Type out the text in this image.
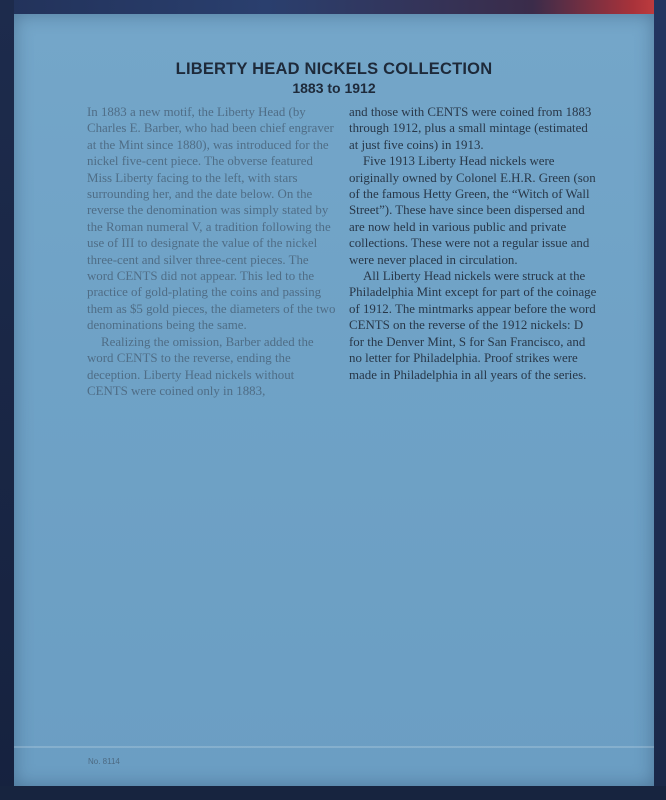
LIBERTY HEAD NICKELS COLLECTION
1883 to 1912

In 1883 a new motif, the Liberty Head (by Charles E. Barber, who had been chief engraver at the Mint since 1880), was introduced for the nickel five-cent piece. The obverse featured Miss Liberty facing to the left, with stars surrounding her, and the date below. On the reverse the denomination was simply stated by the Roman numeral V, a tradition following the use of III to designate the value of the nickel three-cent and silver three-cent pieces. The word CENTS did not appear. This led to the practice of gold-plating the coins and passing them as $5 gold pieces, the diameters of the two denominations being the same.

Realizing the omission, Barber added the word CENTS to the reverse, ending the deception. Liberty Head nickels without CENTS were coined only in 1883,

and those with CENTS were coined from 1883 through 1912, plus a small mintage (estimated at just five coins) in 1913.

Five 1913 Liberty Head nickels were originally owned by Colonel E.H.R. Green (son of the famous Hetty Green, the “Witch of Wall Street”). These have since been dispersed and are now held in various public and private collections. These were not a regular issue and were never placed in circulation.

All Liberty Head nickels were struck at the Philadelphia Mint except for part of the coinage of 1912. The mintmarks appear before the word CENTS on the reverse of the 1912 nickels: D for the Denver Mint, S for San Francisco, and no letter for Philadelphia. Proof strikes were made in Philadelphia in all years of the series.

No. 8114
